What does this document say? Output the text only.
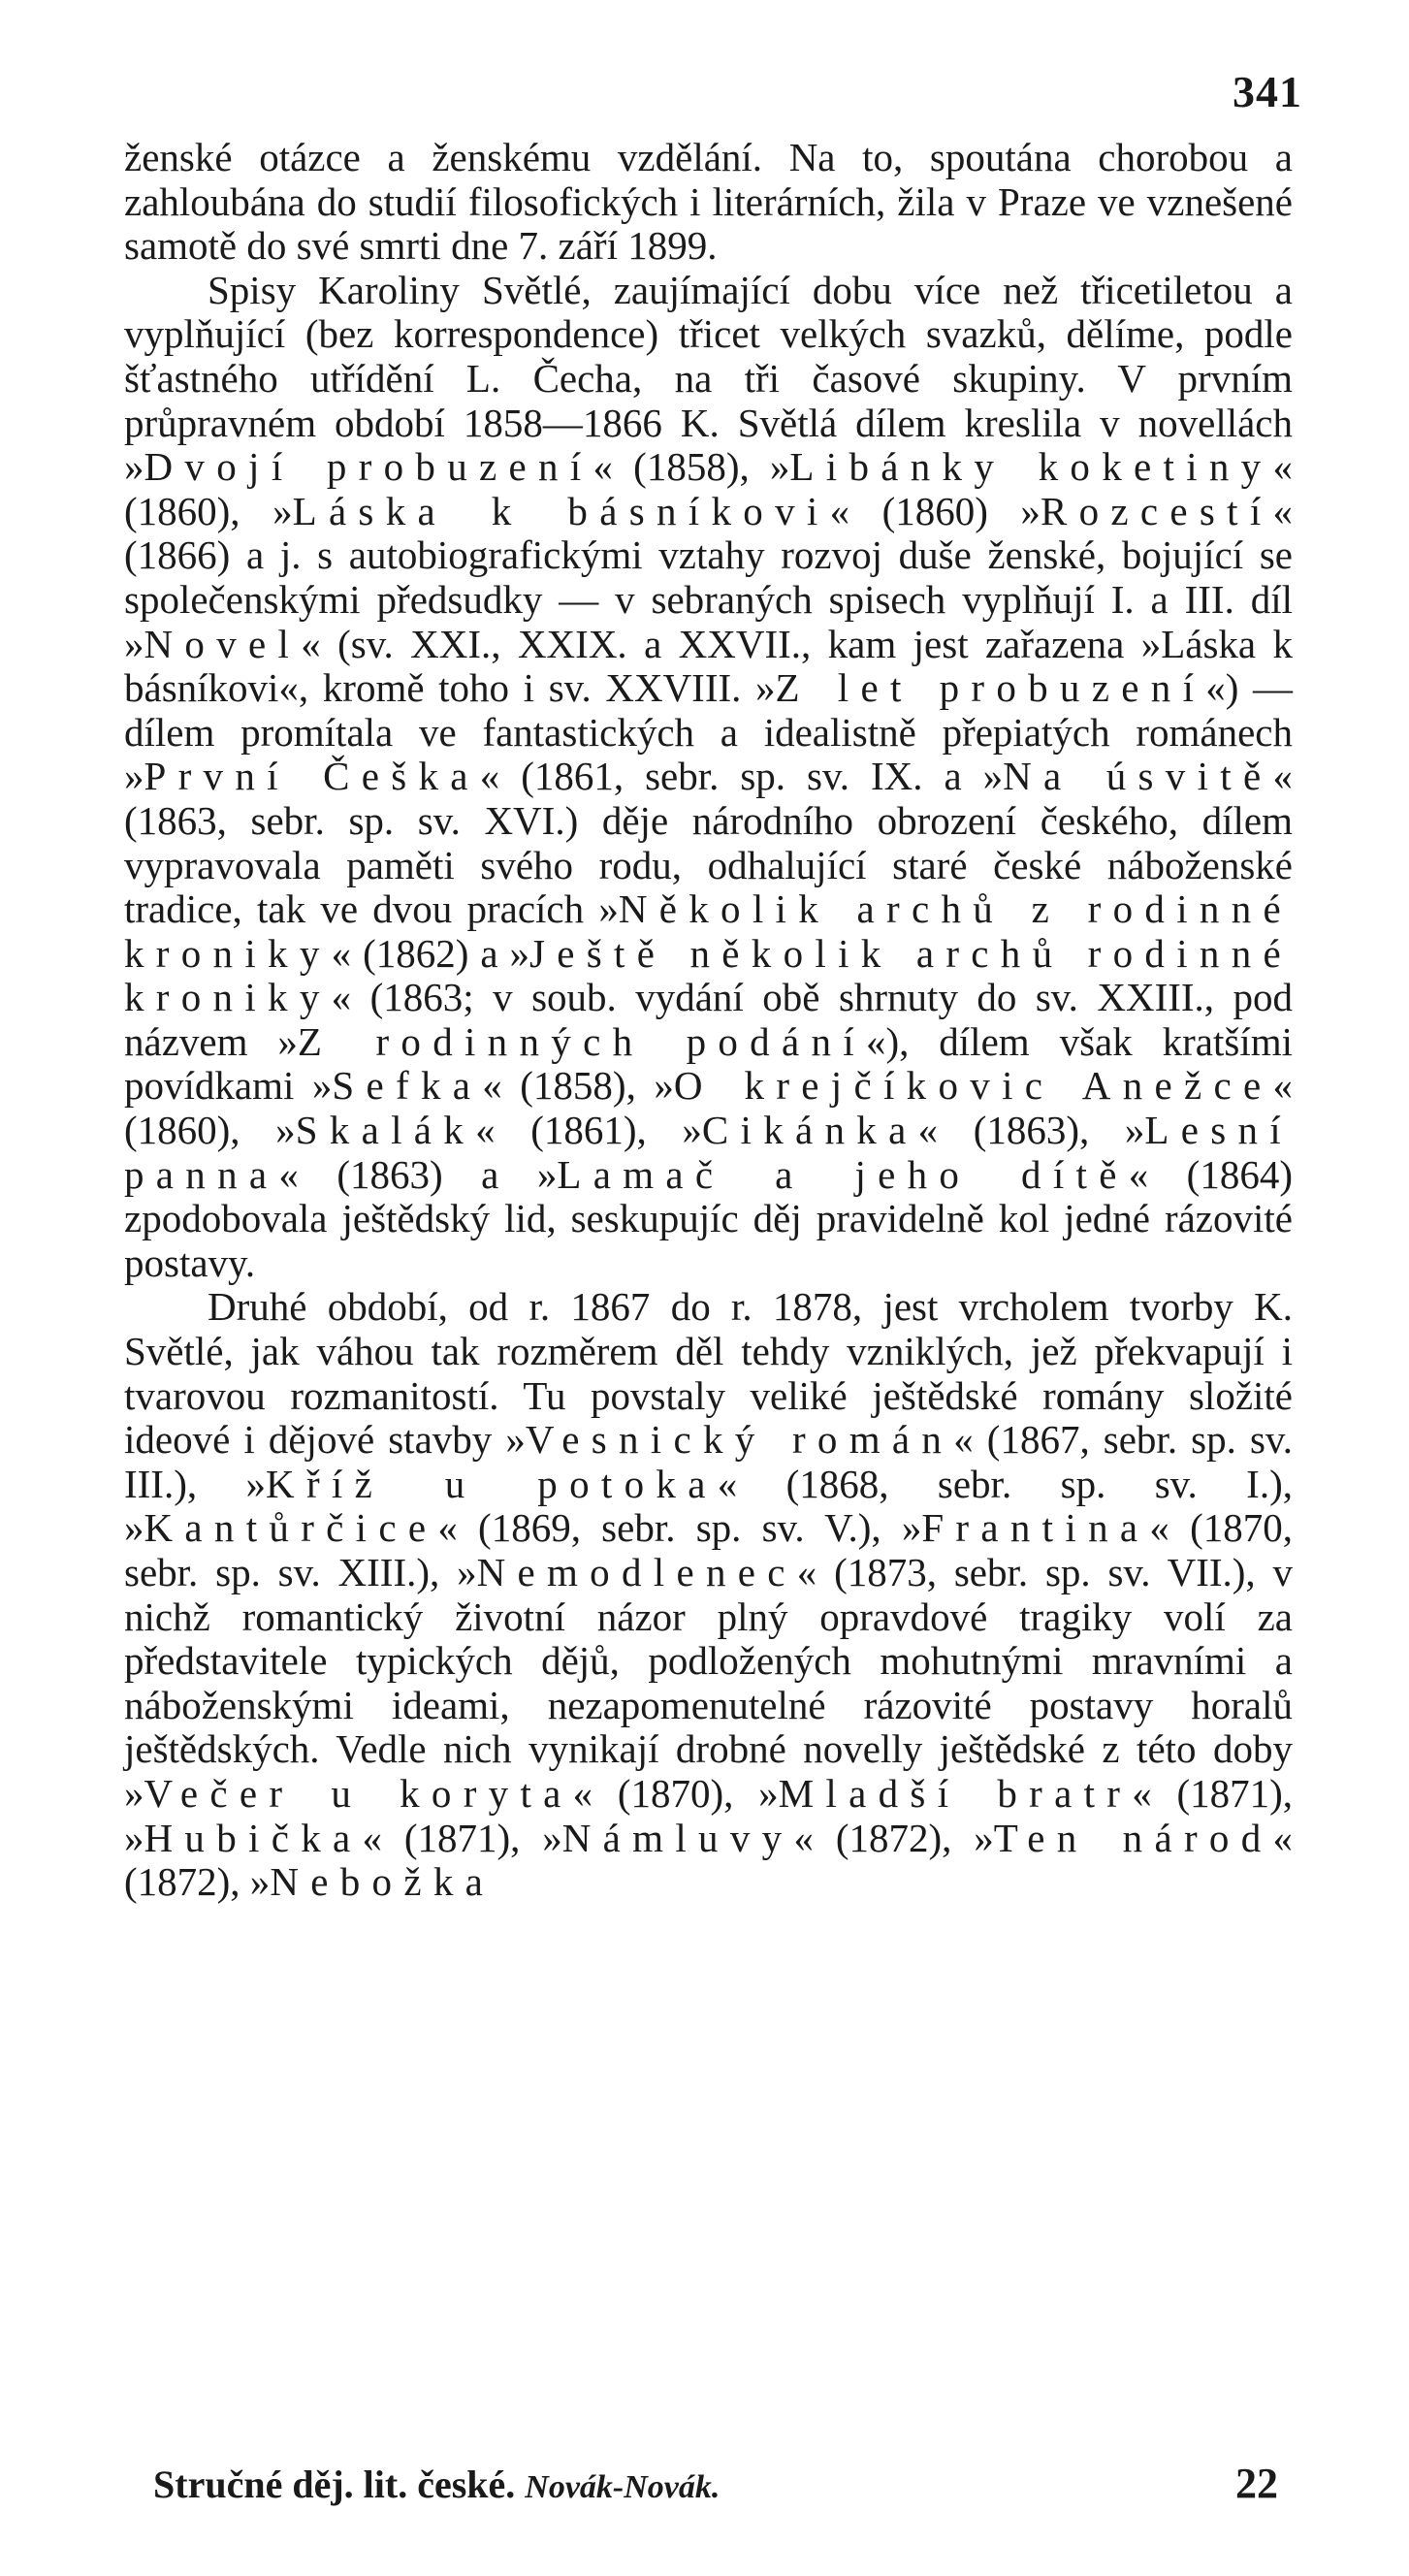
341

ženské otázce a ženskému vzdělání. Na to, spoutána chorobou a zahloubána do studií filosofických i literárních, žila v Praze ve vznešené samotě do své smrti dne 7. září 1899.

Spisy Karoliny Světlé, zaujímající dobu více než třicetiletou a vyplňující (bez korrespondence) třicet velkých svazků, dělíme, podle šťastného utřídění L. Čecha, na tři časové skupiny. V prvním průpravném období 1858—1866 K. Světlá dílem kreslila v novellách »Dvojí probuzení« (1858), »Libánky koketiny« (1860), »Láska k básníkovi« (1860) »Rozcestí« (1866) a j. s autobiografickými vztahy rozvoj duše ženské, bojující se společenskými předsudky — v sebraných spisech vyplňují I. a III. díl »Novel« (sv. XXI., XXIX. a XXVII., kam jest zařazena »Láska k básníkovi«, kromě toho i sv. XXVIII. »Z let probuzení«) — dílem promítala ve fantastických a idealistně přepiatých románech »První Češka« (1861, sebr. sp. sv. IX. a »Na úsvitě« (1863, sebr. sp. sv. XVI.) děje národního obrození českého, dílem vypravovala paměti svého rodu, odhalující staré české náboženské tradice, tak ve dvou pracích »Několik archů z rodinné kroniky« (1862) a »Ještě několik archů rodinné kroniky« (1863; v soub. vydání obě shrnuty do sv. XXIII., pod názvem »Z rodinných podání«), dílem však kratšími povídkami »Sefka« (1858), »O krejčíkovic Anežce« (1860), »Skalák« (1861), »Cikánka« (1863), »Lesní panna« (1863) a »Lamač a jeho dítě« (1864) zpodobovala ještědský lid, seskupujíc děj pravidelně kol jedné rázovité postavy.

Druhé období, od r. 1867 do r. 1878, jest vrcholem tvorby K. Světlé, jak váhou tak rozměrem děl tehdy vzniklých, jež překvapují i tvarovou rozmanitostí. Tu povstaly veliké ještědské romány složité ideové i dějové stavby »Vesnický román« (1867, sebr. sp. sv. III.), »Kříž u potoka« (1868, sebr. sp. sv. I.), »Kantůrčice« (1869, sebr. sp. sv. V.), »Frantina« (1870, sebr. sp. sv. XIII.), »Nemodlenec« (1873, sebr. sp. sv. VII.), v nichž romantický životní názor plný opravdové tragiky volí za představitele typických dějů, podložených mohutnými mravními a náboženskými ideami, nezapomenutelné rázovité postavy horalů ještědských. Vedle nich vynikají drobné novelly ještědské z této doby »Večer u koryta« (1870), »Mladší bratr« (1871), »Hubička« (1871), »Námluvy« (1872), »Ten národ« (1872), »Nebožka

Stručné děj. lit. české. Novák-Novák.	22
